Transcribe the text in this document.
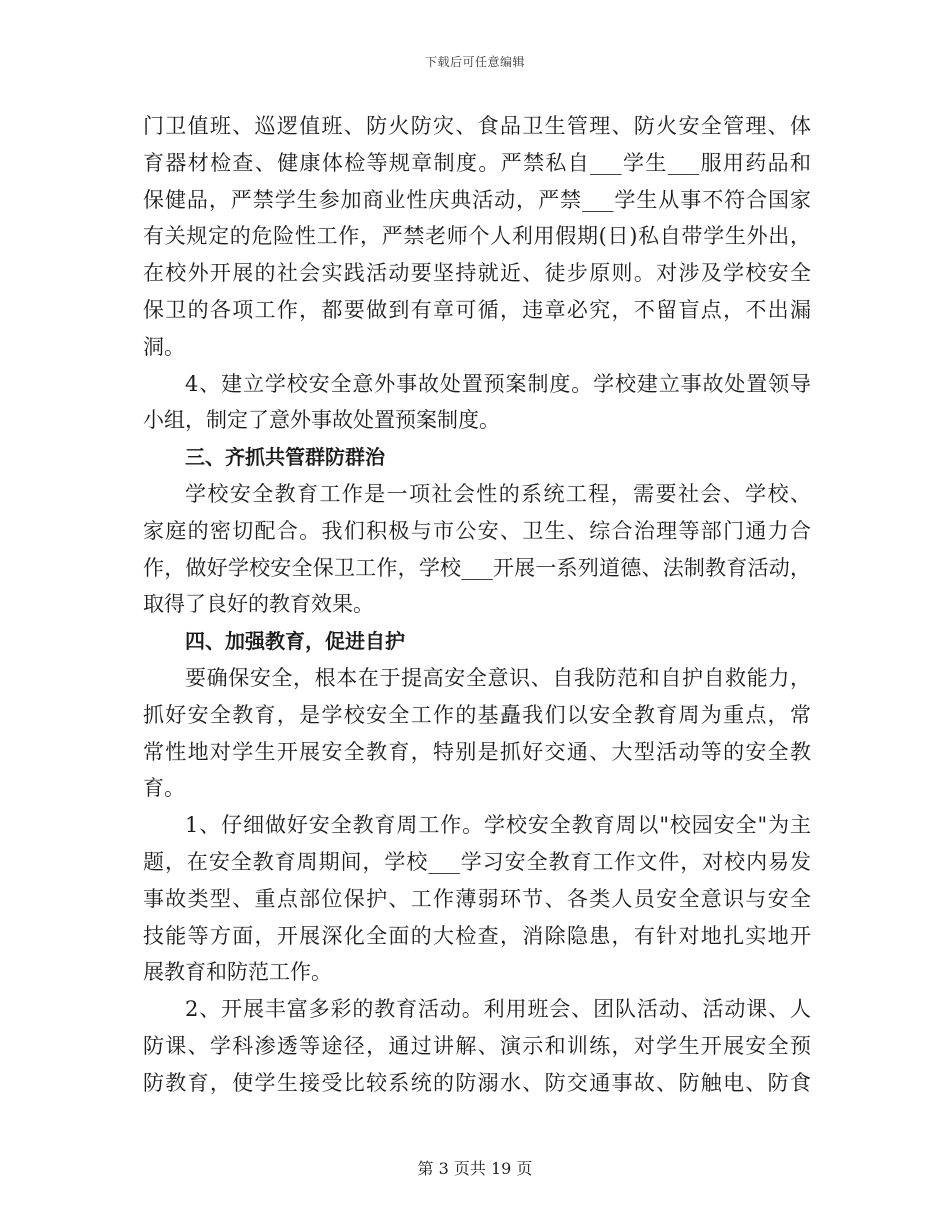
下载后可任意编辑
门卫值班、巡逻值班、防火防灾、食品卫生管理、防火安全管理、体
育器材检查、健康体检等规章制度。严禁私自___学生___服用药品和
保健品，严禁学生参加商业性庆典活动，严禁___学生从事不符合国家
有关规定的危险性工作，严禁老师个人利用假期(日)私自带学生外出，
在校外开展的社会实践活动要坚持就近、徒步原则。对涉及学校安全
保卫的各项工作，都要做到有章可循，违章必究，不留盲点，不出漏
洞。
4、建立学校安全意外事故处置预案制度。学校建立事故处置领导
小组，制定了意外事故处置预案制度。
三、齐抓共管群防群治
学校安全教育工作是一项社会性的系统工程，需要社会、学校、
家庭的密切配合。我们积极与市公安、卫生、综合治理等部门通力合
作，做好学校安全保卫工作，学校___开展一系列道德、法制教育活动，
取得了良好的教育效果。
四、加强教育，促进自护
要确保安全，根本在于提高安全意识、自我防范和自护自救能力，
抓好安全教育，是学校安全工作的基矗我们以安全教育周为重点，常
常性地对学生开展安全教育，特别是抓好交通、大型活动等的安全教
育。
1、仔细做好安全教育周工作。学校安全教育周以"校园安全"为主
题，在安全教育周期间，学校___学习安全教育工作文件，对校内易发
事故类型、重点部位保护、工作薄弱环节、各类人员安全意识与安全
技能等方面，开展深化全面的大检查，消除隐患，有针对地扎实地开
展教育和防范工作。
2、开展丰富多彩的教育活动。利用班会、团队活动、活动课、人
防课、学科渗透等途径，通过讲解、演示和训练，对学生开展安全预
防教育，使学生接受比较系统的防溺水、防交通事故、防触电、防食
第 3 页共 19 页
